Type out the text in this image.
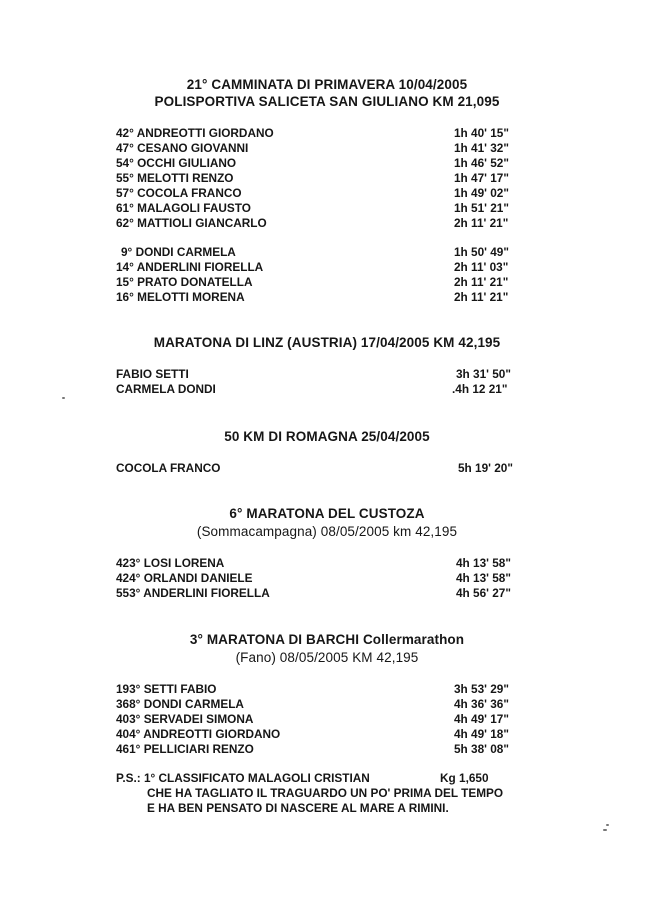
21° CAMMINATA DI PRIMAVERA 10/04/2005
POLISPORTIVA SALICETA SAN GIULIANO KM 21,095
42° ANDREOTTI GIORDANO	1h 40' 15"
47° CESANO GIOVANNI	1h 41' 32"
54° OCCHI GIULIANO	1h 46' 52"
55° MELOTTI RENZO	1h 47' 17"
57° COCOLA FRANCO	1h 49' 02"
61° MALAGOLI FAUSTO	1h 51' 21"
62° MATTIOLI GIANCARLO	2h 11' 21"
9° DONDI CARMELA	1h 50' 49"
14° ANDERLINI FIORELLA	2h 11' 03"
15° PRATO DONATELLA	2h 11' 21"
16° MELOTTI MORENA	2h 11' 21"
MARATONA DI LINZ (AUSTRIA) 17/04/2005 KM 42,195
FABIO SETTI	3h 31' 50"
CARMELA DONDI	.4h 12 21"
50 KM DI ROMAGNA 25/04/2005
COCOLA FRANCO	5h 19' 20"
6° MARATONA DEL CUSTOZA
(Sommacampagna) 08/05/2005 km 42,195
423° LOSI LORENA	4h 13' 58"
424° ORLANDI DANIELE	4h 13' 58"
553° ANDERLINI FIORELLA	4h 56' 27"
3° MARATONA DI BARCHI Collermarathon
(Fano) 08/05/2005 KM 42,195
193° SETTI FABIO	3h 53' 29"
368° DONDI CARMELA	4h 36' 36"
403° SERVADEI SIMONA	4h 49' 17"
404° ANDREOTTI GIORDANO	4h 49' 18"
461° PELLICIARI RENZO	5h 38' 08"
P.S.: 1° CLASSIFICATO MALAGOLI CRISTIAN	Kg 1,650
CHE HA TAGLIATO IL TRAGUARDO UN PO' PRIMA DEL TEMPO
E HA BEN PENSATO DI NASCERE AL MARE A RIMINI.
